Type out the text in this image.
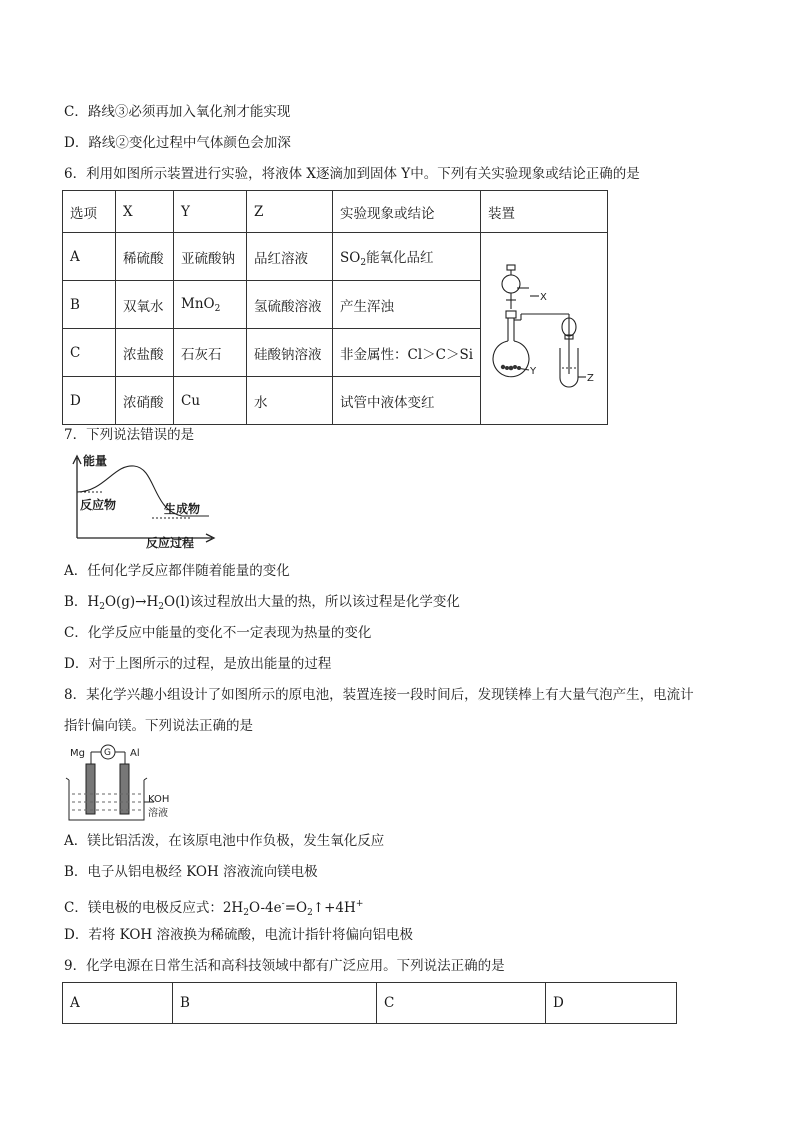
C．路线③必须再加入氧化剂才能实现
D．路线②变化过程中气体颜色会加深
6．利用如图所示装置进行实验，将液体 X逐滴加到固体 Y中。下列有关实验现象或结论正确的是
选项	X	Y	Z	实验现象或结论	装置
A	稀硫酸	亚硫酸钠	品红溶液	$SO_2$能氧化品红	X
Y
Z

B	双氧水	MnO$_2$	氢硫酸溶液	产生浑浊	
C	浓盐酸	石灰石	硅酸钠溶液	非金属性：Cl＞C＞Si	
D	浓硝酸	Cu	水	试管中液体变红	
7．下列说法错误的是
能量
反应物	生成物
反应过程
A．任何化学反应都伴随着能量的变化
B．$H_2O(g)\to H_2O(l)$该过程放出大量的热，所以该过程是化学变化
C．化学反应中能量的变化不一定表现为热量的变化
D．对于上图所示的过程，是放出能量的过程
8．某化学兴趣小组设计了如图所示的原电池，装置连接一段时间后，发现镁棒上有大量气泡产生，电流计
指针偏向镁。下列说法正确的是
Mg G Al
KOH
溶液
A．镁比铝活泼，在该原电池中作负极，发生氧化反应
B．电子从铝电极经 KOH 溶液流向镁电极
C．镁电极的电极反应式：$2H_2O-4e^-=O_2↑+4H^+$
D．若将 KOH 溶液换为稀硫酸，电流计指针将偏向铝电极
9．化学电源在日常生活和高科技领域中都有广泛应用。下列说法正确的是
A	B	C	D
